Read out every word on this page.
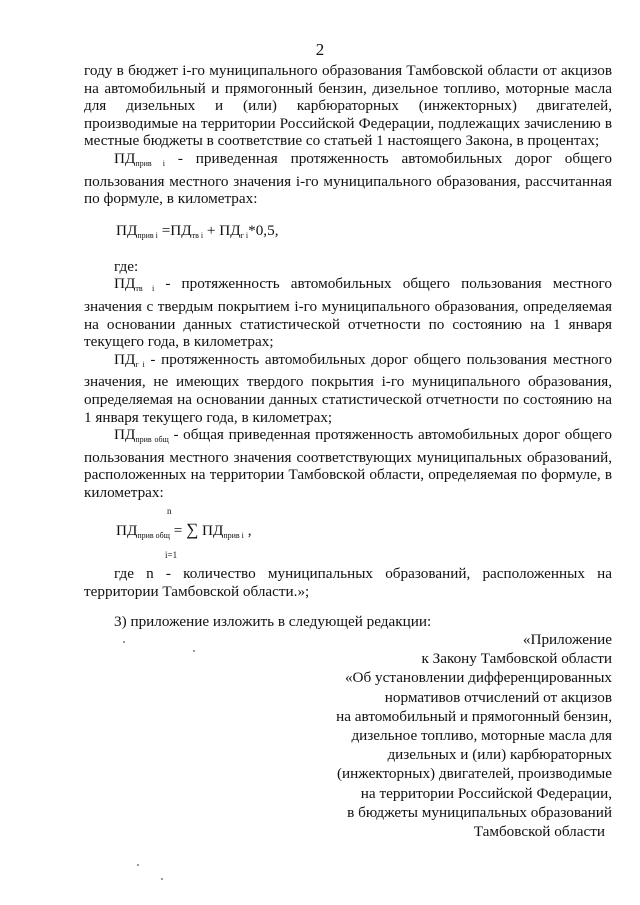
2

году в бюджет i-го муниципального образования Тамбовской области от акцизов на автомобильный и прямогонный бензин, дизельное топливо, моторные масла для дизельных и (или) карбюраторных (инжекторных) двигателей, производимые на территории Российской Федерации, подлежащих зачислению в местные бюджеты в соответствие со статьей 1 настоящего Закона, в процентах;

$ПД_{прив i}$ - приведенная протяженность автомобильных дорог общего пользования местного значения i-го муниципального образования, рассчитанная по формуле, в километрах:

$ПД_{прив i} =ПД_{тв i} + ПД_{г i}*0,5$,

где:

$ПД_{тв i}$ - протяженность автомобильных общего пользования местного значения с твердым покрытием i-го муниципального образования, определяемая на основании данных статистической отчетности по состоянию на 1 января текущего года, в километрах;

$ПД_{г i}$ - протяженность автомобильных дорог общего пользования местного значения, не имеющих твердого покрытия i-го муниципального образования, определяемая на основании данных статистической отчетности по состоянию на 1 января текущего года, в километрах;

$ПД_{прив общ}$ - общая приведенная протяженность автомобильных дорог общего пользования местного значения соответствующих муниципальных образований, расположенных на территории Тамбовской области, определяемая по формуле, в километрах:

n
$ПД_{прив общ}$ = ∑ $ПД_{прив i}$ ,
i=1

где n - количество муниципальных образований, расположенных на территории Тамбовской области.»;

3) приложение изложить в следующей редакции:

«Приложение
к Закону Тамбовской области
«Об установлении дифференцированных
нормативов отчислений от акцизов
на автомобильный и прямогонный бензин,
дизельное топливо, моторные масла для
дизельных и (или) карбюраторных
(инжекторных) двигателей, производимые
на территории Российской Федерации,
в бюджеты муниципальных образований
Тамбовской области
